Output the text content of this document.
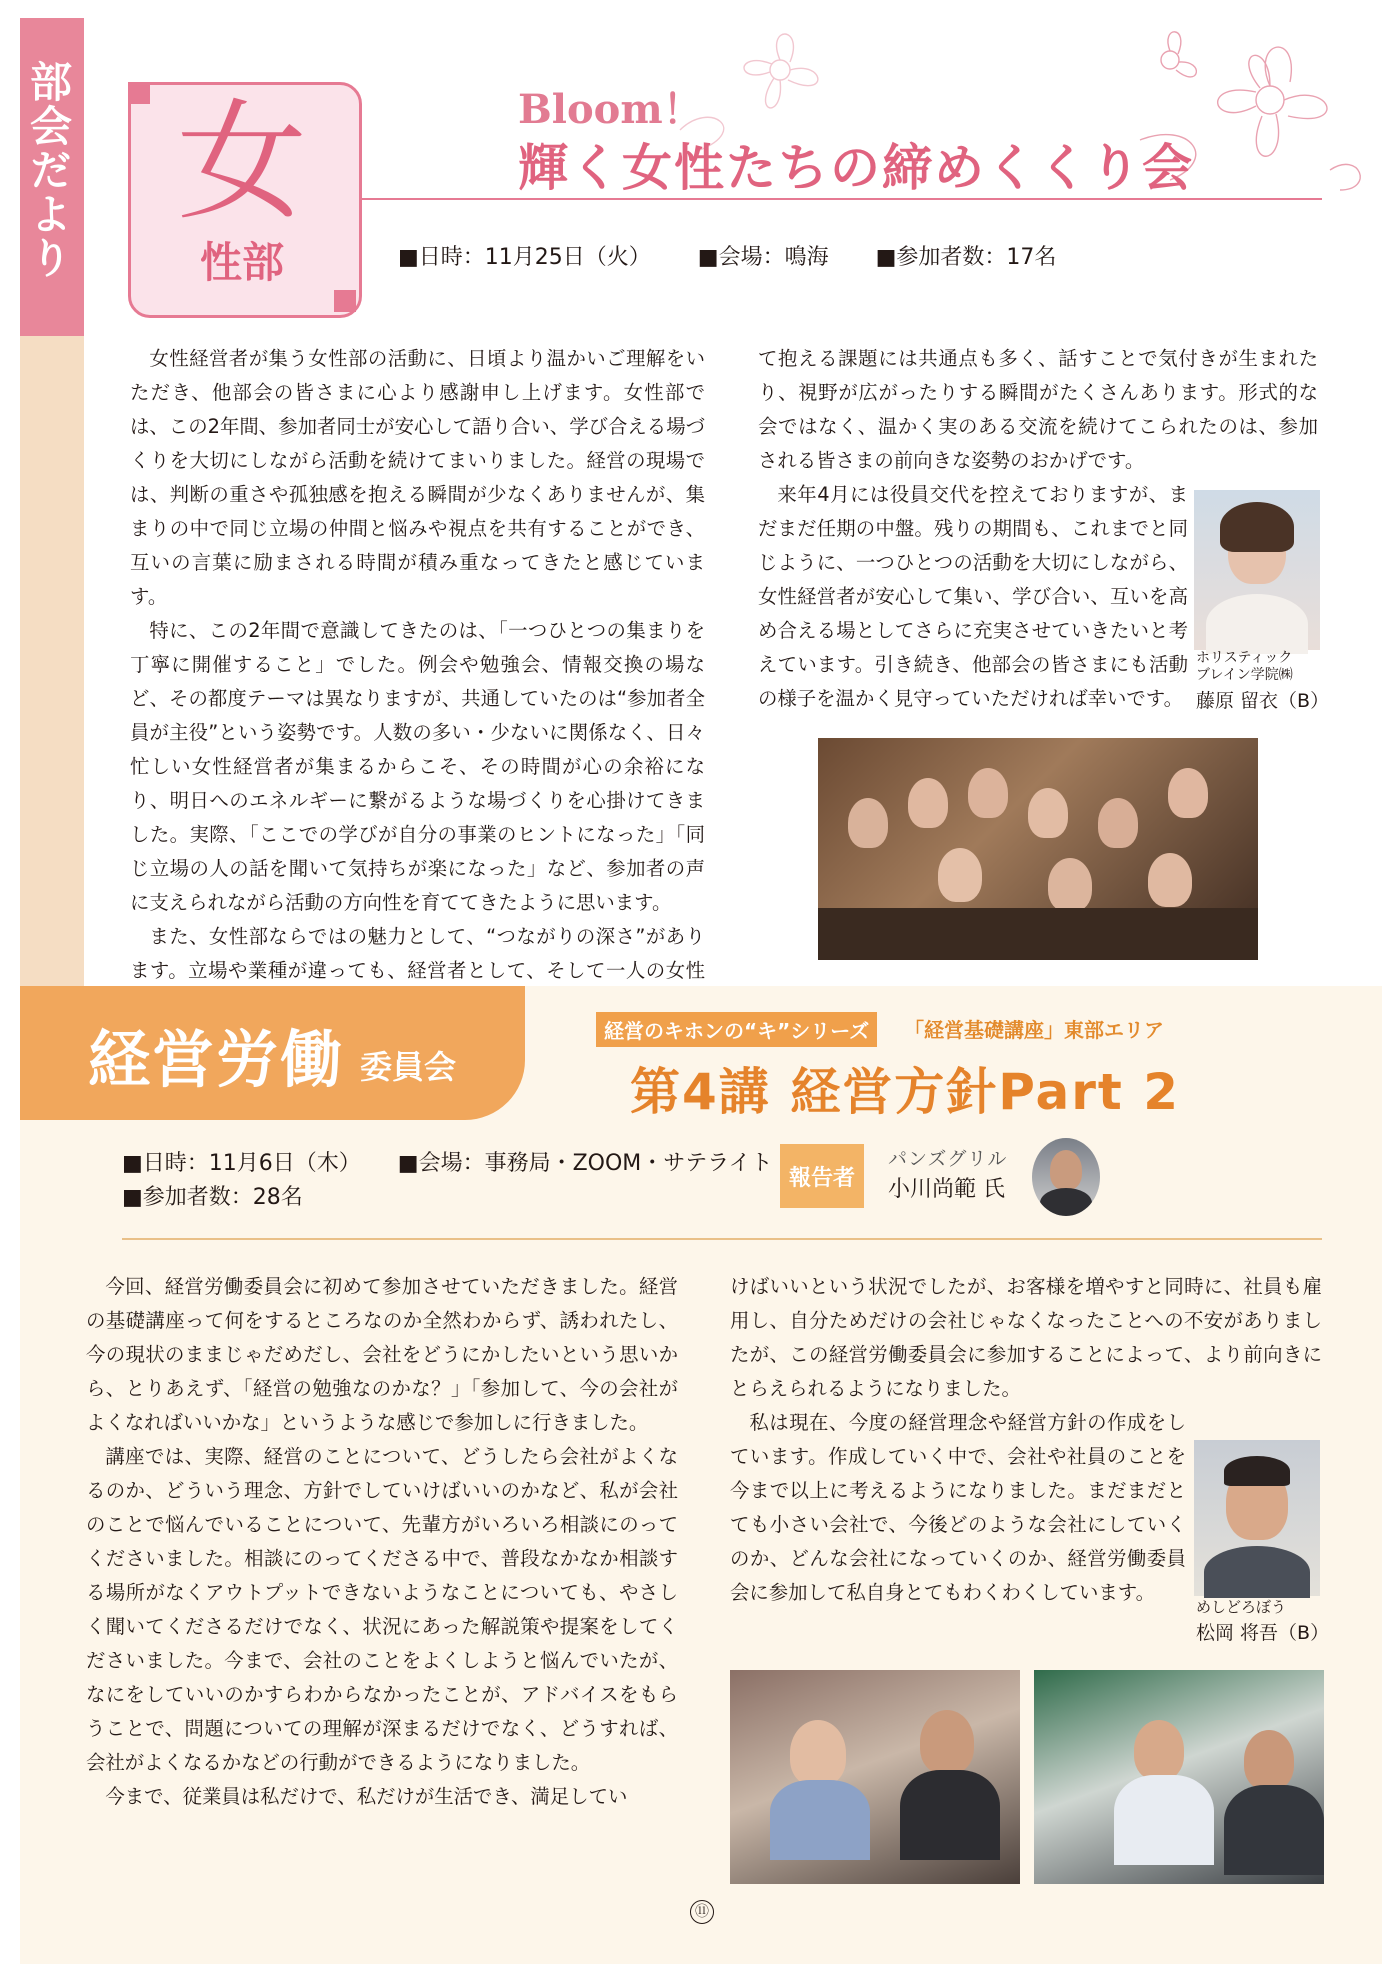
部会だより 女
性部
Bloom！
輝く女性たちの締めくくり会
■日時：11月25日（火） ■会場：鳴海 ■参加者数：17名

女性経営者が集う女性部の活動に、日頃より温かいご理解をいただき、他部会の皆さまに心より感謝申し上げます。女性部では、この2年間、参加者同士が安心して語り合い、学び合える場づくりを大切にしながら活動を続けてまいりました。経営の現場では、判断の重さや孤独感を抱える瞬間が少なくありませんが、集まりの中で同じ立場の仲間と悩みや視点を共有することができ、互いの言葉に励まされる時間が積み重なってきたと感じています。

特に、この2年間で意識してきたのは、「一つひとつの集まりを丁寧に開催すること」でした。例会や勉強会、情報交換の場など、その都度テーマは異なりますが、共通していたのは“参加者全員が主役”という姿勢です。人数の多い・少ないに関係なく、日々忙しい女性経営者が集まるからこそ、その時間が心の余裕になり、明日へのエネルギーに繋がるような場づくりを心掛けてきました。実際、「ここでの学びが自分の事業のヒントになった」「同じ立場の人の話を聞いて気持ちが楽になった」など、参加者の声に支えられながら活動の方向性を育ててきたように思います。

また、女性部ならではの魅力として、“つながりの深さ”があります。立場や業種が違っても、経営者として、そして一人の女性

て抱える課題には共通点も多く、話すことで気付きが生まれたり、視野が広がったりする瞬間がたくさんあります。形式的な会ではなく、温かく実のある交流を続けてこられたのは、参加される皆さまの前向きな姿勢のおかげです。

来年4月には役員交代を控えておりますが、まだまだ任期の中盤。残りの期間も、これまでと同じように、一つひとつの活動を大切にしながら、女性経営者が安心して集い、学び合い、互いを高め合える場としてさらに充実させていきたいと考えています。引き続き、他部会の皆さまにも活動の様子を温かく見守っていただければ幸いです。

ホリスティック
ブレイン学院㈱
藤原 留衣（B）
経営労働 委員会
経営のキホンの“キ”シリーズ	「経営基礎講座」東部エリア
第4講 経営方針Part 2
■日時：11月6日（木） ■会場：事務局・ZOOM・サテライト
■参加者数：28名
報告者
パンズグリル
小川尚範 氏

今回、経営労働委員会に初めて参加させていただきました。経営の基礎講座って何をするところなのか全然わからず、誘われたし、今の現状のままじゃだめだし、会社をどうにかしたいという思いから、とりあえず、「経営の勉強なのかな？」「参加して、今の会社がよくなればいいかな」というような感じで参加しに行きました。

講座では、実際、経営のことについて、どうしたら会社がよくなるのか、どういう理念、方針でしていけばいいのかなど、私が会社のことで悩んでいることについて、先輩方がいろいろ相談にのってくださいました。相談にのってくださる中で、普段なかなか相談する場所がなくアウトプットできないようなことについても、やさしく聞いてくださるだけでなく、状況にあった解説策や提案をしてくださいました。今まで、会社のことをよくしようと悩んでいたが、なにをしていいのかすらわからなかったことが、アドバイスをもらうことで、問題についての理解が深まるだけでなく、どうすれば、会社がよくなるかなどの行動ができるようになりました。

今まで、従業員は私だけで、私だけが生活でき、満足してい

けばいいという状況でしたが、お客様を増やすと同時に、社員も雇用し、自分ためだけの会社じゃなくなったことへの不安がありましたが、この経営労働委員会に参加することによって、より前向きにとらえられるようになりました。

私は現在、今度の経営理念や経営方針の作成をしています。作成していく中で、会社や社員のことを今まで以上に考えるようになりました。まだまだとても小さい会社で、今後どのような会社にしていくのか、どんな会社になっていくのか、経営労働委員会に参加して私自身とてもわくわくしています。

めしどろぼう
松岡 将吾（B）
⑪
